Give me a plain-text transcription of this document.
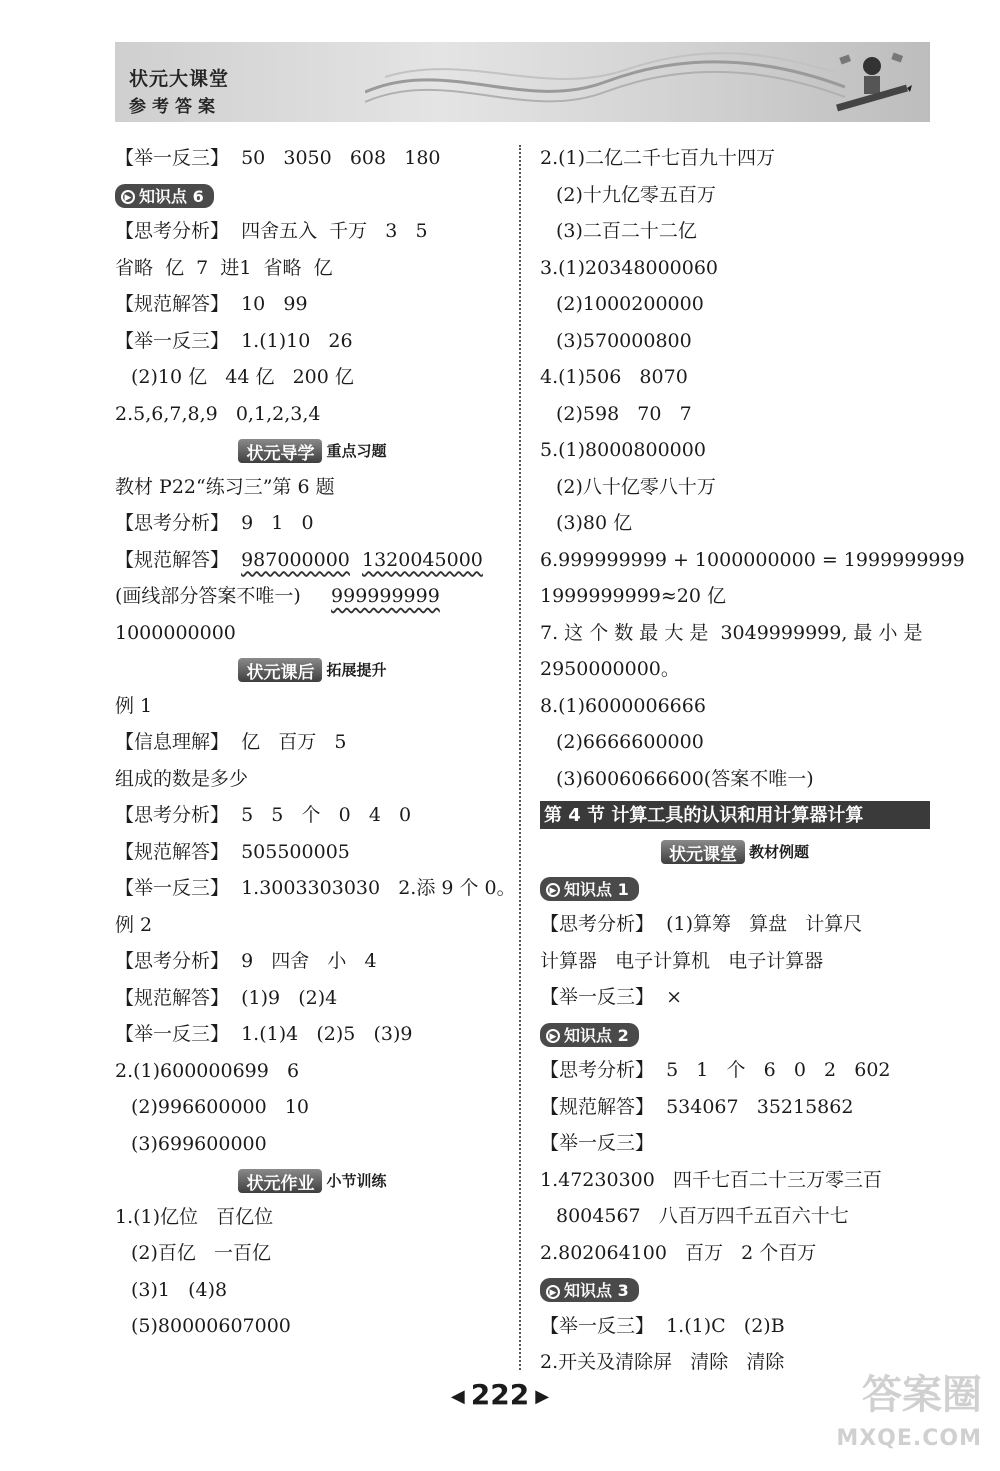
状元大课堂
参考答案
【举一反三】  50   3050   608   180
▶ 知识点 6
【思考分析】  四舍五入  千万   3   5
省略  亿  7  进1  省略  亿
【规范解答】  10   99
【举一反三】  1.(1)10   26
(2)10 亿   44 亿   200 亿
2.5,6,7,8,9   0,1,2,3,4
状元导学 重点习题
教材 P22“练习三”第 6 题
【思考分析】  9   1   0
【规范解答】  987000000 1320045000
(画线部分答案不唯一)     999999999
1000000000
状元课后 拓展提升
例 1
【信息理解】  亿   百万   5
组成的数是多少
【思考分析】  5   5   个   0   4   0
【规范解答】  505500005
【举一反三】  1.3003303030   2.添 9 个 0。
例 2
【思考分析】  9   四舍   小   4
【规范解答】  (1)9   (2)4
【举一反三】  1.(1)4   (2)5   (3)9
2.(1)600000699   6
(2)996600000   10
(3)699600000
状元作业 小节训练
1.(1)亿位   百亿位
(2)百亿   一百亿
(3)1   (4)8
(5)80000607000
2.(1)二亿二千七百九十四万
(2)十九亿零五百万
(3)二百二十二亿
3.(1)20348000060
(2)1000200000
(3)570000800
4.(1)506   8070
(2)598   70   7
5.(1)8000800000
(2)八十亿零八十万
(3)80 亿
6.999999999 + 1000000000 = 1999999999
1999999999≈20 亿
7. 这 个 数 最 大 是  3049999999, 最 小 是
2950000000。
8.(1)6000006666
(2)6666600000
(3)6006066600(答案不唯一)
第 4 节 计算工具的认识和用计算器计算
状元课堂 教材例题
▶ 知识点 1
【思考分析】  (1)算筹   算盘   计算尺
计算器   电子计算机   电子计算器
【举一反三】  ×
▶ 知识点 2
【思考分析】  5   1   个   6   0   2   602
【规范解答】  534067   35215862
【举一反三】
1.47230300   四千七百二十三万零三百
8004567   八百万四千五百六十七
2.802064100   百万   2 个百万
▶ 知识点 3
【举一反三】  1.(1)C   (2)B
2.开关及清除屏   清除   清除
◀ 222 ▶	答案圈
MXQE.COM
